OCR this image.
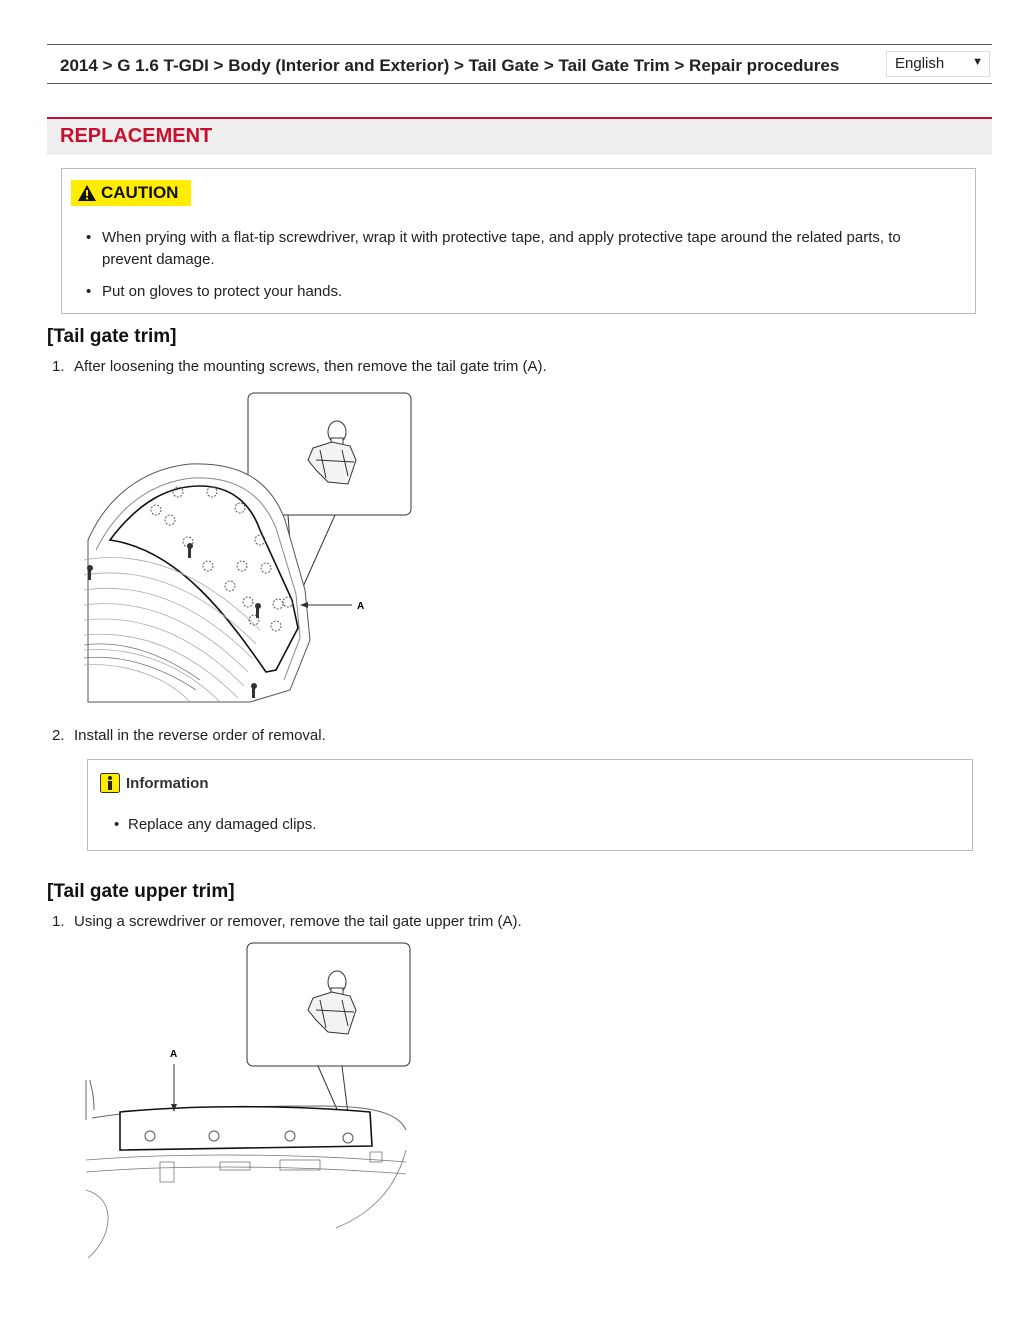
2014 > G 1.6 T-GDI > Body (Interior and Exterior) > Tail Gate > Tail Gate Trim > Repair procedures	English	▼
REPLACEMENT
CAUTION
• When prying with a flat-tip screwdriver, wrap it with protective tape, and apply protective tape around the related parts, to prevent damage.
• Put on gloves to protect your hands.
[Tail gate trim]
1. After loosening the mounting screws, then remove the tail gate trim (A).
A
2. Install in the reverse order of removal.
Information
• Replace any damaged clips.
[Tail gate upper trim]
1. Using a screwdriver or remover, remove the tail gate upper trim (A).
A
